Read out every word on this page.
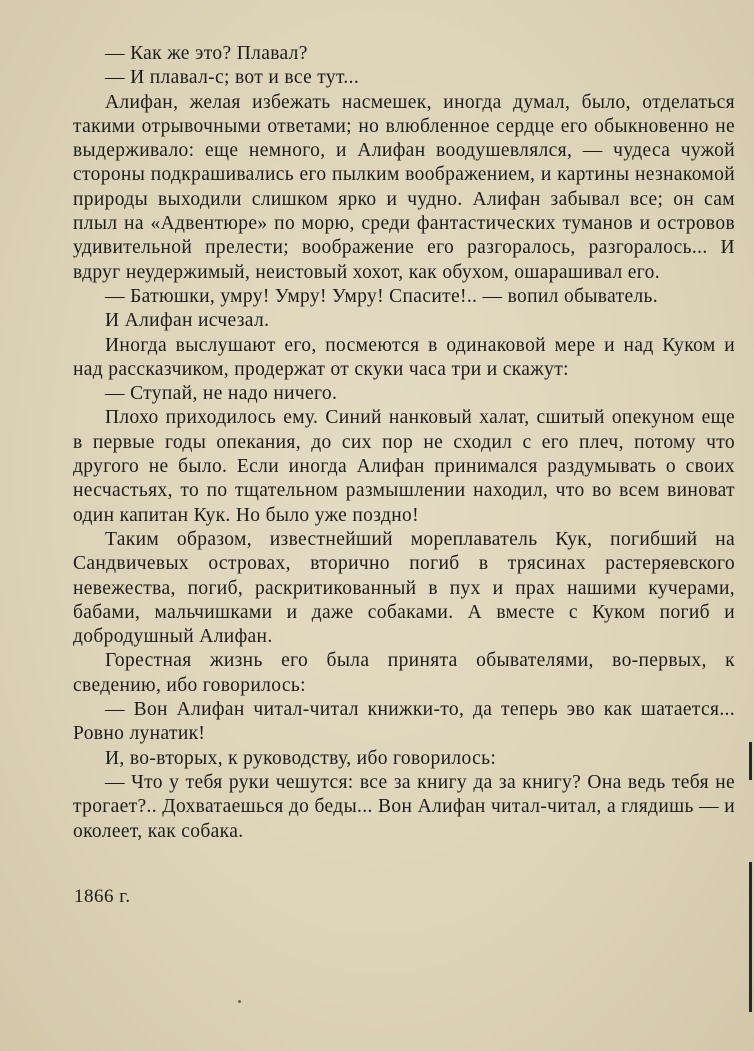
— Как же это? Плавал?

— И плавал-с; вот и все тут...

Алифан, желая избежать насмешек, иногда думал, было, отделаться такими отрывочными ответами; но влюбленное сердце его обыкновенно не выдерживало: еще немного, и Алифан воодушевлялся, — чудеса чужой стороны подкрашивались его пылким воображением, и картины незнакомой природы выходили слишком ярко и чудно. Алифан забывал все; он сам плыл на «Адвентюре» по морю, среди фантастических туманов и островов удивительной прелести; воображение его разгоралось, разгоралось... И вдруг неудержимый, неистовый хохот, как обухом, ошарашивал его.

— Батюшки, умру! Умру! Умру! Спасите!.. — вопил обыватель.

И Алифан исчезал.

Иногда выслушают его, посмеются в одинаковой мере и над Куком и над рассказчиком, продержат от скуки часа три и скажут:

— Ступай, не надо ничего.

Плохо приходилось ему. Синий нанковый халат, сшитый опекуном еще в первые годы опекания, до сих пор не сходил с его плеч, потому что другого не было. Если иногда Алифан принимался раздумывать о своих несчастьях, то по тщательном размышлении находил, что во всем виноват один капитан Кук. Но было уже поздно!

Таким образом, известнейший мореплаватель Кук, погибший на Сандвичевых островах, вторично погиб в трясинах растеряевского невежества, погиб, раскритикованный в пух и прах нашими кучерами, бабами, мальчишками и даже собаками. А вместе с Куком погиб и добродушный Алифан.

Горестная жизнь его была принята обывателями, во-первых, к сведению, ибо говорилось:

— Вон Алифан читал-читал книжки-то, да теперь эво как шатается... Ровно лунатик!

И, во-вторых, к руководству, ибо говорилось:

— Что у тебя руки чешутся: все за книгу да за книгу? Она ведь тебя не трогает?.. Дохватаешься до беды... Вон Алифан читал-читал, а глядишь — и околеет, как собака.

1866 г.
